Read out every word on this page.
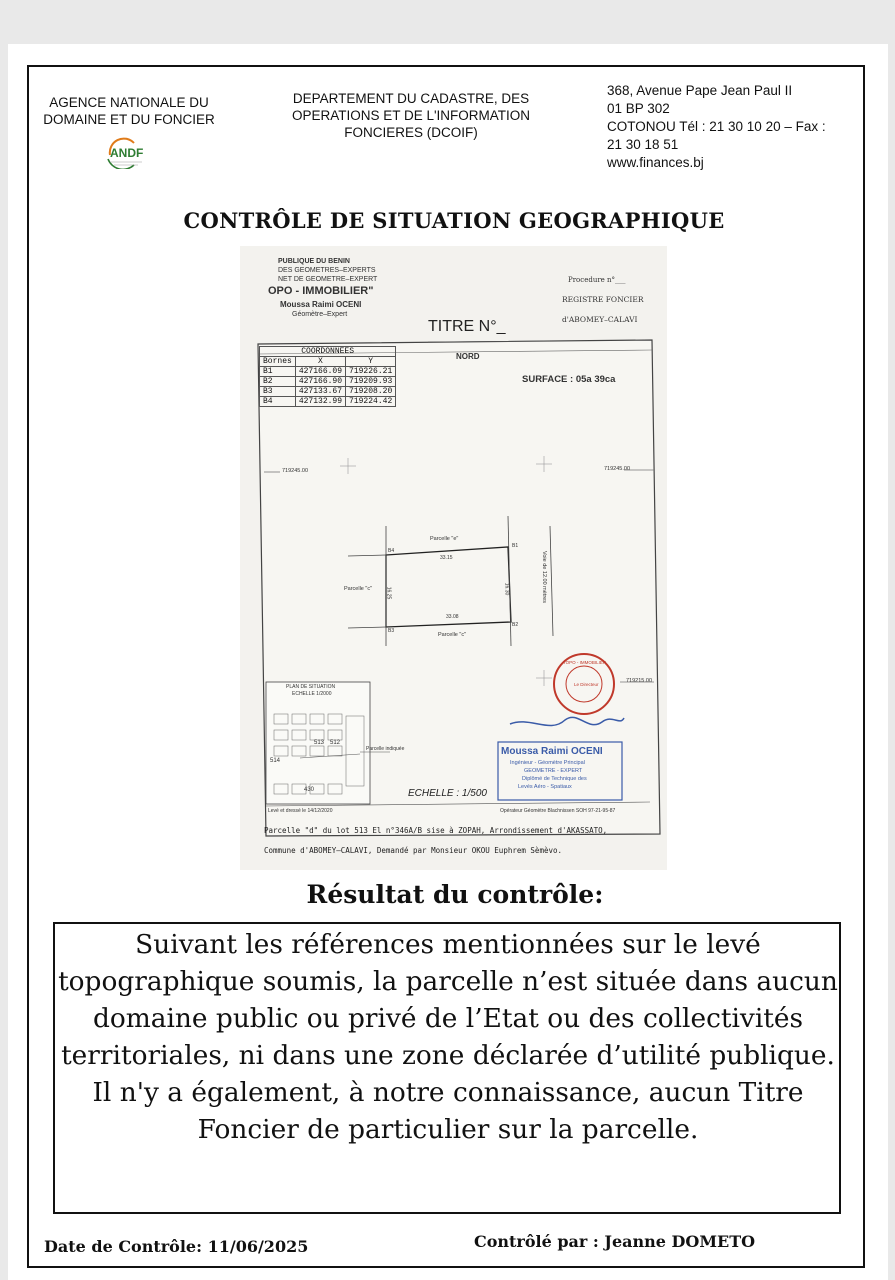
AGENCE NATIONALE DU
DOMAINE ET DU FONCIER
ANDF
DEPARTEMENT DU CADASTRE, DES
OPERATIONS ET DE L'INFORMATION
FONCIERES (DCOIF)
368, Avenue Pape Jean Paul II
01 BP 302
COTONOU Tél : 21 30 10 20 – Fax :
21 30 18 51
www.finances.bj
CONTRÔLE DE SITUATION GEOGRAPHIQUE
PUBLIQUE DU BENIN
DES GEOMETRES–EXPERTS
NET DE GEOMETRE–EXPERT
OPO - IMMOBILIER"
Moussa Raimi OCENI
Géomètre–Expert
Procedure n°___
REGISTRE FONCIER
d'ABOMEY–CALAVI
TITRE N°_
NORD
SURFACE : 05a 39ca
COORDONNEES		
Bornes	X	Y
B1	427166.09	719226.21
B2	427166.90	719209.93
B3	427133.67	719208.20
B4	427132.99	719224.42
719245.00	719245.00
719215.00
Parcelle "e"
Parcelle "c"
Parcelle "c"
33.15
33.08
16.25	16.30	Voie de 12.00 mètres
B1
B2
B3
B4
PLAN DE SITUATION
ECHELLE 1/2000
Parcelle indiquée
514
513 512
430	ECHELLE : 1/500
TOPO - IMMOBILIER
Le Directeur
Moussa Raimi OCENI
Ingénieur - Géomètre Principal
GEOMETRE - EXPERT
Diplômé de Technique des
Levés Aéro - Spatiaux
Levé et dressé le 14/12/2020	Opérateur Géomètre Blachnissen SOH 97-21-95-87
Parcelle "d" du lot 513 El n°346A/B sise à ZOPAH, Arrondissement d'AKASSATO,
Commune d'ABOMEY–CALAVI, Demandé par Monsieur OKOU Euphrem Sèmèvo.
Résultat du contrôle:
Suivant les références mentionnées sur le levé topographique soumis, la parcelle n’est située dans aucun domaine public ou privé de l’Etat ou des collectivités territoriales, ni dans une zone déclarée d’utilité publique. Il n'y a également, à notre connaissance, aucun Titre Foncier de particulier sur la parcelle.
Date de Contrôle: 11/06/2025	Contrôlé par : Jeanne DOMETO
